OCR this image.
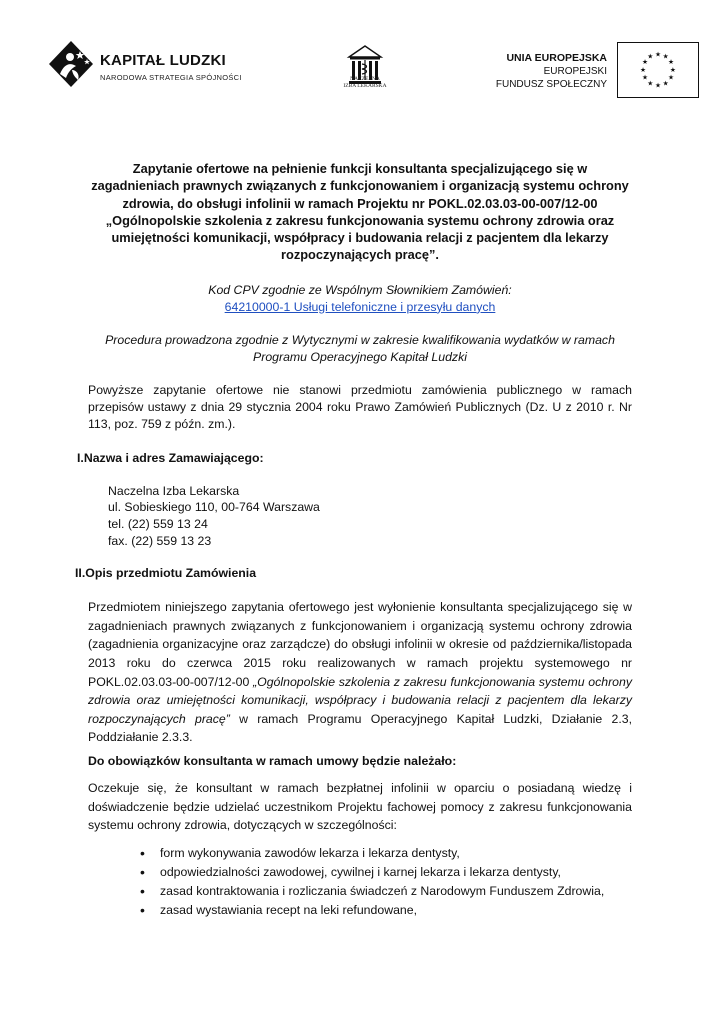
KAPITAŁ LUDZKI
NARODOWA STRATEGIA SPÓJNOŚCI	NACZELNA
IZBA LEKARSKA
UNIA EUROPEJSKA
EUROPEJSKI
FUNDUSZ SPOŁECZNY
★ ★
★
★
★
★
★
★
★
★
★
★

Zapytanie ofertowe na pełnienie funkcji konsultanta specjalizującego się w zagadnieniach prawnych związanych z funkcjonowaniem i organizacją systemu ochrony zdrowia, do obsługi infolinii w ramach Projektu nr POKL.02.03.03-00-007/12-00 „Ogólnopolskie szkolenia z zakresu funkcjonowania systemu ochrony zdrowia oraz umiejętności komunikacji, współpracy i budowania relacji z pacjentem dla lekarzy rozpoczynających pracę”.

Kod CPV zgodnie ze Wspólnym Słownikiem Zamówień:

64210000-1 Usługi telefoniczne i przesyłu danych

Procedura prowadzona zgodnie z Wytycznymi w zakresie kwalifikowania wydatków w ramach Programu Operacyjnego Kapitał Ludzki

Powyższe zapytanie ofertowe nie stanowi przedmiotu zamówienia publicznego w ramach przepisów ustawy z dnia 29 stycznia 2004 roku Prawo Zamówień Publicznych (Dz. U z 2010 r. Nr 113, poz. 759 z późn. zm.).

I.Nazwa i adres Zamawiającego:
Naczelna Izba Lekarska
ul. Sobieskiego 110, 00-764 Warszawa
tel. (22) 559 13 24
fax. (22) 559 13 23
II.Opis przedmiotu Zamówienia

Przedmiotem niniejszego zapytania ofertowego jest wyłonienie konsultanta specjalizującego się w zagadnieniach prawnych związanych z funkcjonowaniem i organizacją systemu ochrony zdrowia (zagadnienia organizacyjne oraz zarządcze) do obsługi infolinii w okresie od października/listopada 2013 roku do czerwca 2015 roku realizowanych w ramach projektu systemowego nr POKL.02.03.03-00-007/12-00 „Ogólnopolskie szkolenia z zakresu funkcjonowania systemu ochrony zdrowia oraz umiejętności komunikacji, współpracy i budowania relacji z pacjentem dla lekarzy rozpoczynających pracę” w ramach Programu Operacyjnego Kapitał Ludzki, Działanie 2.3, Poddziałanie 2.3.3.

Do obowiązków konsultanta w ramach umowy będzie należało:

Oczekuje się, że konsultant w ramach bezpłatnej infolinii w oparciu o posiadaną wiedzę i doświadczenie będzie udzielać uczestnikom Projektu fachowej pomocy z zakresu funkcjonowania systemu ochrony zdrowia, dotyczących w szczególności:

• form wykonywania zawodów lekarza i lekarza dentysty,
• odpowiedzialności zawodowej, cywilnej i karnej lekarza i lekarza dentysty,
• zasad kontraktowania i rozliczania świadczeń z Narodowym Funduszem Zdrowia,
• zasad wystawiania recept na leki refundowane,
